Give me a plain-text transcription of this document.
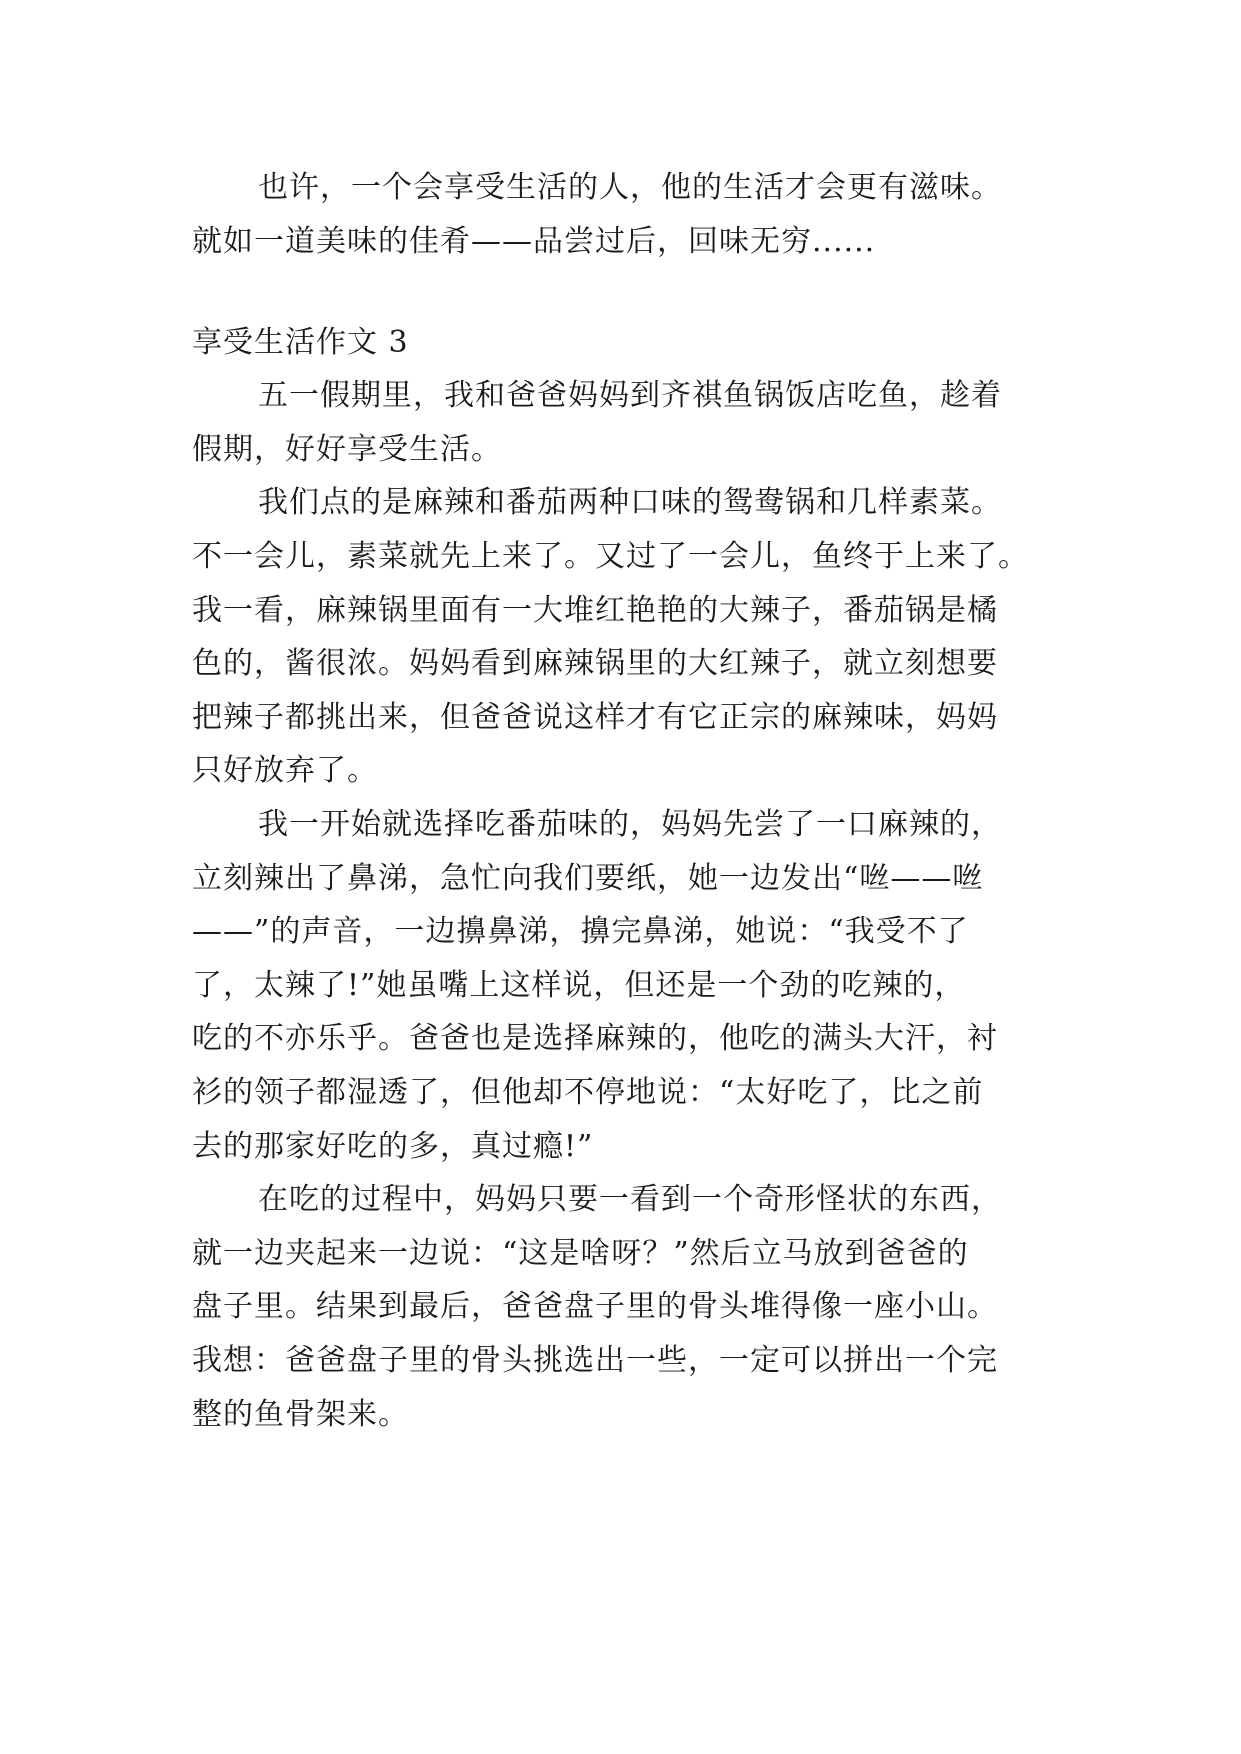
也许，一个会享受生活的人，他的生活才会更有滋味。
就如一道美味的佳肴——品尝过后，回味无穷......
享受生活作文 3
五一假期里，我和爸爸妈妈到齐祺鱼锅饭店吃鱼，趁着
假期，好好享受生活。
我们点的是麻辣和番茄两种口味的鸳鸯锅和几样素菜。
不一会儿，素菜就先上来了。又过了一会儿，鱼终于上来了。
我一看，麻辣锅里面有一大堆红艳艳的大辣子，番茄锅是橘
色的，酱很浓。妈妈看到麻辣锅里的大红辣子，就立刻想要
把辣子都挑出来，但爸爸说这样才有它正宗的麻辣味，妈妈
只好放弃了。
我一开始就选择吃番茄味的，妈妈先尝了一口麻辣的，
立刻辣出了鼻涕，急忙向我们要纸，她一边发出“咝——咝
——”的声音，一边擤鼻涕，擤完鼻涕，她说：“我受不了
了，太辣了!”她虽嘴上这样说，但还是一个劲的吃辣的，
吃的不亦乐乎。爸爸也是选择麻辣的，他吃的满头大汗，衬
衫的领子都湿透了，但他却不停地说：“太好吃了，比之前
去的那家好吃的多，真过瘾!”
在吃的过程中，妈妈只要一看到一个奇形怪状的东西，
就一边夹起来一边说：“这是啥呀？”然后立马放到爸爸的
盘子里。结果到最后，爸爸盘子里的骨头堆得像一座小山。
我想：爸爸盘子里的骨头挑选出一些，一定可以拼出一个完
整的鱼骨架来。
